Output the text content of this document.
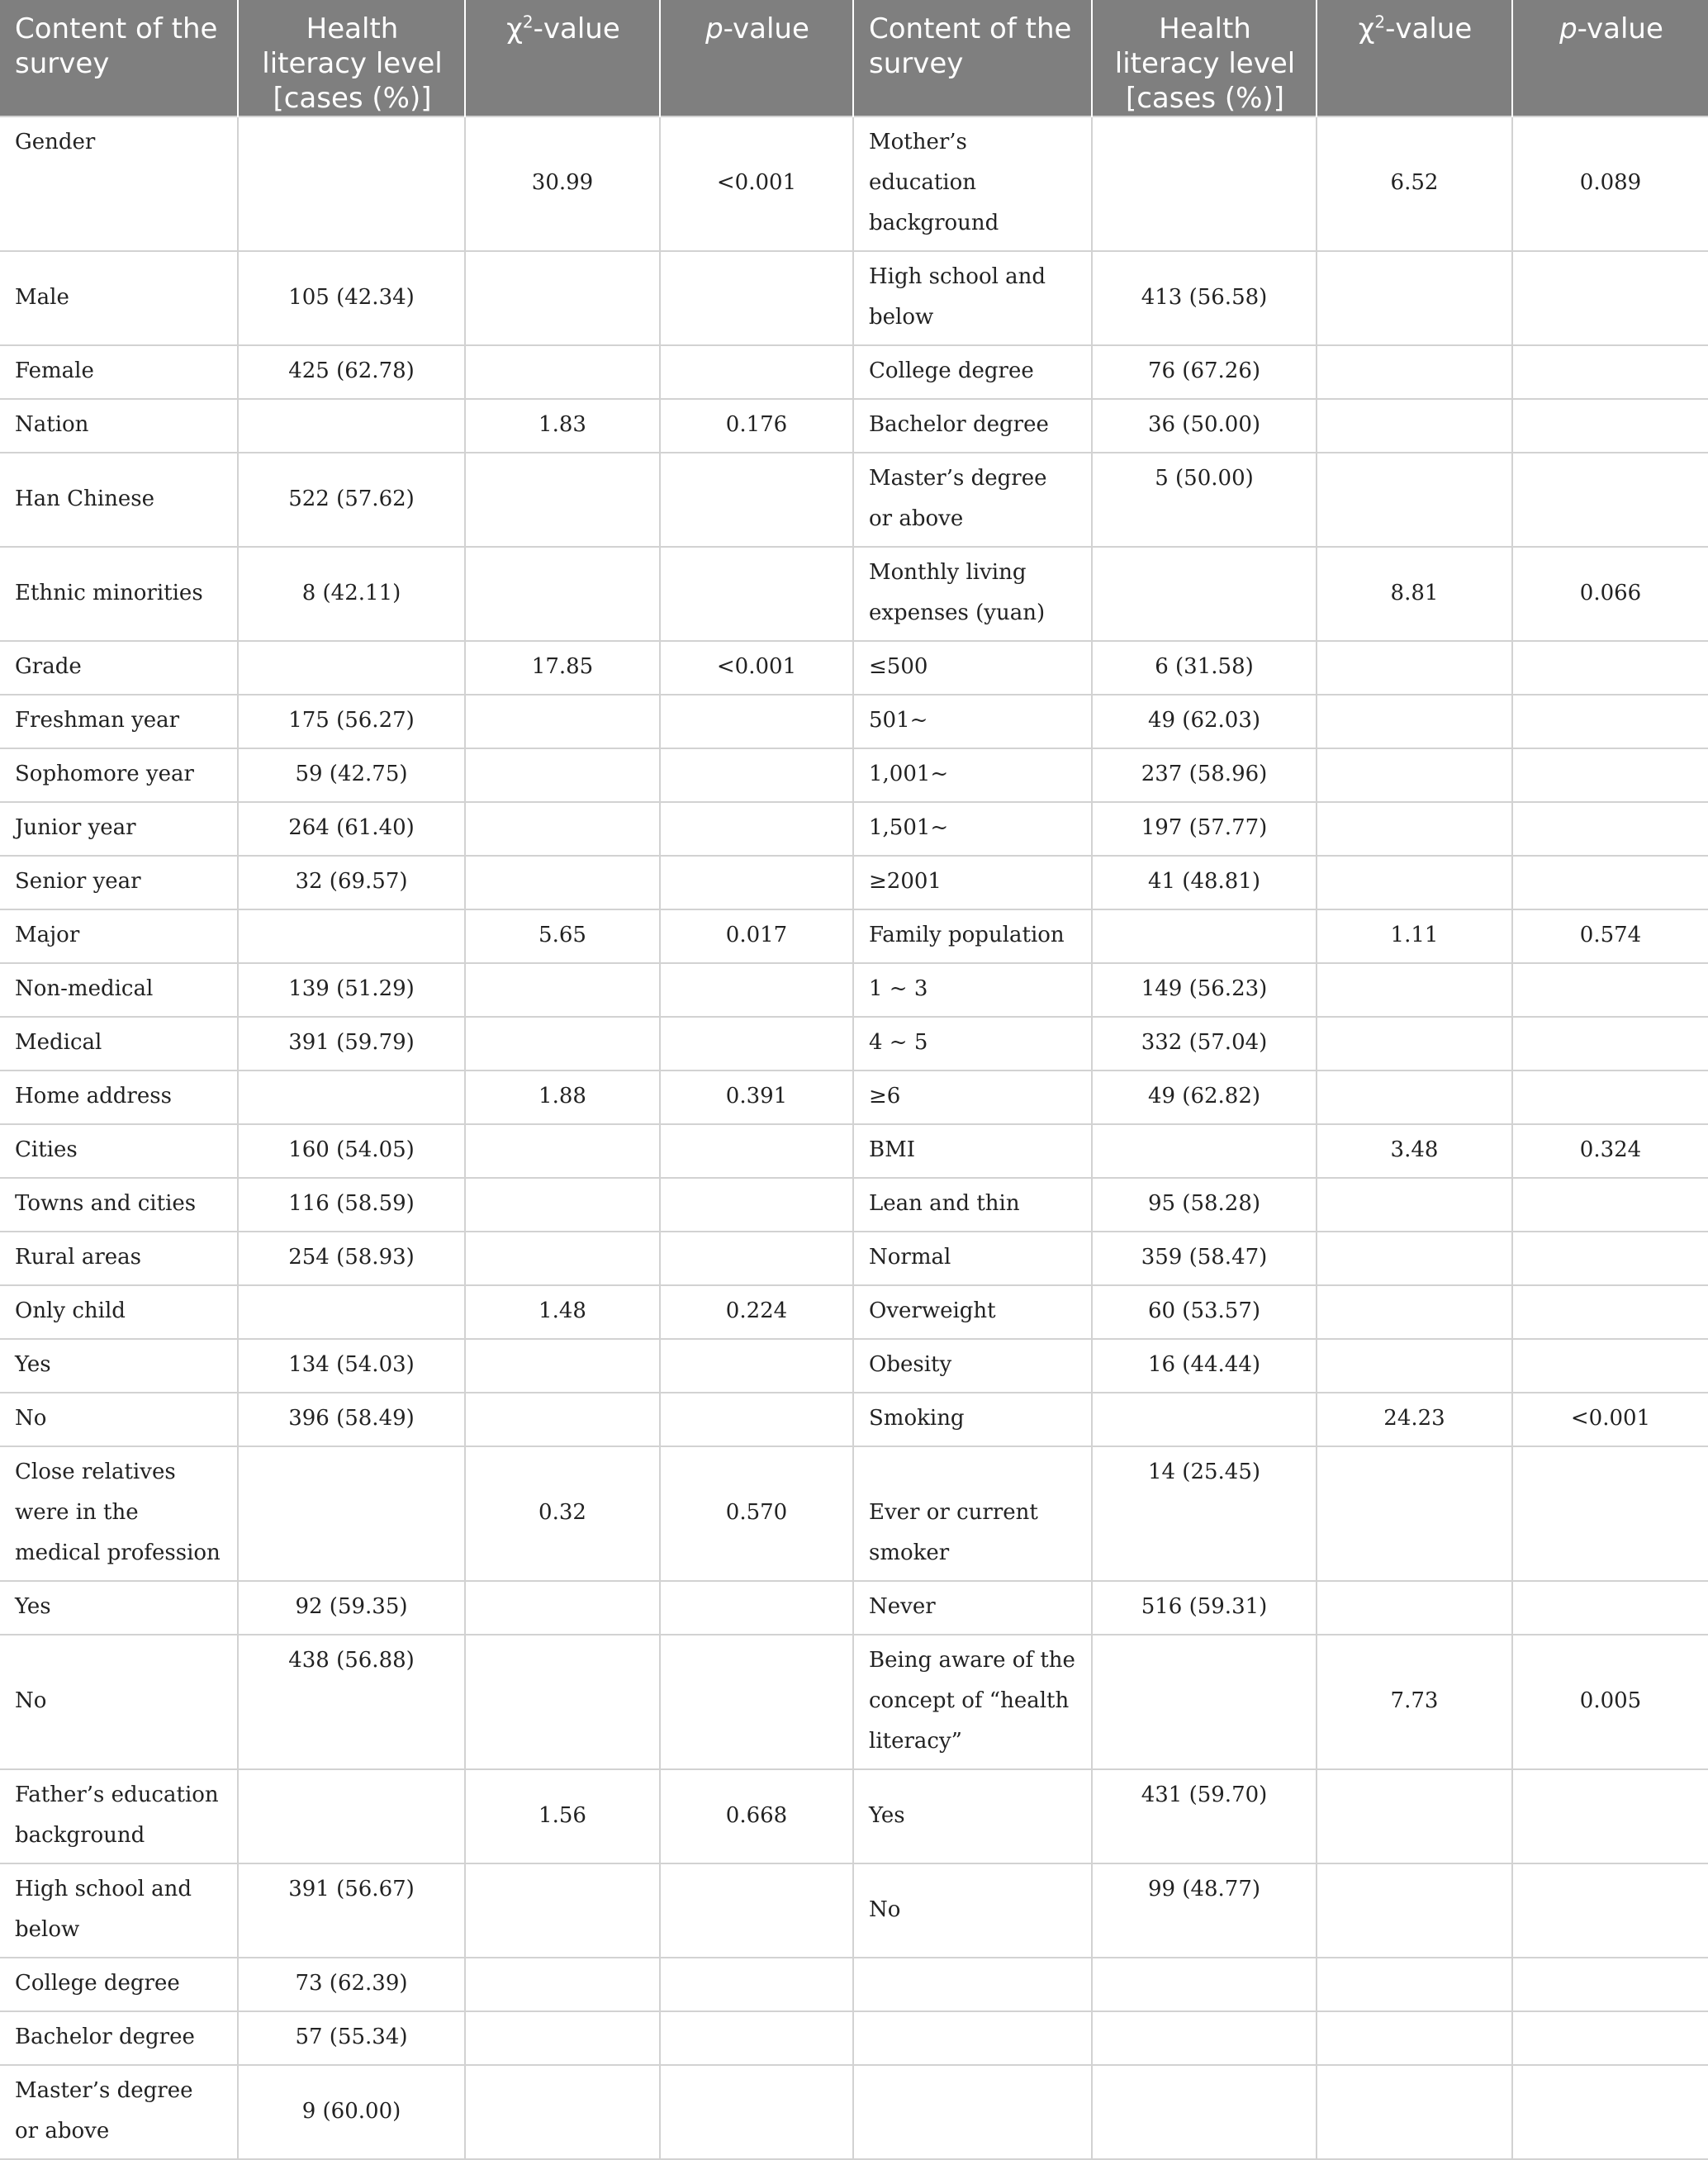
Content of the survey	Health literacy level [cases (%)]	$\chi^2$-value	p-value	Content of the survey	Health literacy level [cases (%)]	$\chi^2$-value	p-value
Gender		30.99	<0.001	Mother’s education background		6.52	0.089
Male	105 (42.34)			High school and below	413 (56.58)		
Female	425 (62.78)			College degree	76 (67.26)		
Nation		1.83	0.176	Bachelor degree	36 (50.00)		
Han Chinese	522 (57.62)			Master’s degree or above	5 (50.00)		
Ethnic minorities	8 (42.11)			Monthly living expenses (yuan)		8.81	0.066
Grade		17.85	<0.001	≤500	6 (31.58)		
Freshman year	175 (56.27)			501~	49 (62.03)		
Sophomore year	59 (42.75)			1,001~	237 (58.96)		
Junior year	264 (61.40)			1,501~	197 (57.77)		
Senior year	32 (69.57)			≥2001	41 (48.81)		
Major		5.65	0.017	Family population		1.11	0.574
Non-medical	139 (51.29)			1 ~ 3	149 (56.23)		
Medical	391 (59.79)			4 ~ 5	332 (57.04)		
Home address		1.88	0.391	≥6	49 (62.82)		
Cities	160 (54.05)			BMI		3.48	0.324
Towns and cities	116 (58.59)			Lean and thin	95 (58.28)		
Rural areas	254 (58.93)			Normal	359 (58.47)		
Only child		1.48	0.224	Overweight	60 (53.57)		
Yes	134 (54.03)			Obesity	16 (44.44)		
No	396 (58.49)			Smoking		24.23	<0.001
Close relatives were in the medical profession		0.32	0.570	Ever or current smoker	14 (25.45)		
Yes	92 (59.35)			Never	516 (59.31)		
No	438 (56.88)			Being aware of the concept of “health literacy”		7.73	0.005
Father’s education background		1.56	0.668	Yes	431 (59.70)		
High school and below	391 (56.67)			No	99 (48.77)		
College degree	73 (62.39)						
Bachelor degree	57 (55.34)						
Master’s degree or above	9 (60.00)						
